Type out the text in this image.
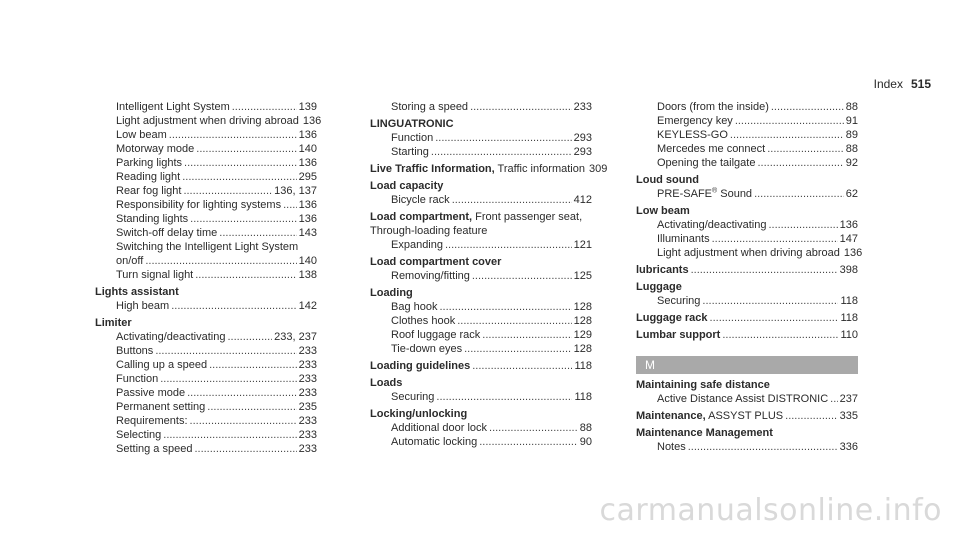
Index 515
Intelligent Light System .....	139
Light adjustment when driving abroad 136
Low beam .....	136
Motorway mode .....	140
Parking lights .....	136
Reading light .....	295
Rear fog light .....	136, 137
Responsibility for lighting systems ..... 136
Standing lights .....	136
Switch-off delay time .....	143
Switching the Intelligent Light System
on/off .....	140
Turn signal light .....	138
Lights assistant
High beam .....	142
Limiter
Activating/deactivating .....	233, 237
Buttons .....	233
Calling up a speed .....	233
Function .....	233
Passive mode .....	233
Permanent setting .....	235
Requirements: .....	233
Selecting .....	233
Setting a speed .....	233
Storing a speed .....	233
LINGUATRONIC
Function .....	293
Starting .....	293
Live Traffic Information, Traffic information 309
Load capacity
Bicycle rack .....	412
Load compartment, Front passenger seat,
Through-loading feature
Expanding .....	121
Load compartment cover
Removing/fitting .....	125
Loading
Bag hook .....	128
Clothes hook .....	128
Roof luggage rack .....	129
Tie-down eyes .....	128
Loading guidelines .....	118
Loads
Securing .....	118
Locking/unlocking
Additional door lock .....	88
Automatic locking .....	90
Doors (from the inside) .....	88
Emergency key .....	91
KEYLESS-GO .....	89
Mercedes me connect .....	88
Opening the tailgate .....	92
Loud sound
PRE-SAFE® Sound .....	62
Low beam
Activating/deactivating .....	136
Illuminants .....	147
Light adjustment when driving abroad 136
lubricants .....	398
Luggage
Securing .....	118
Luggage rack .....	118
Lumbar support .....	110
M
Maintaining safe distance
Active Distance Assist DISTRONIC ..... 237
Maintenance, ASSYST PLUS .....	335
Maintenance Management
Notes .....	336
carmanualsonline.info
